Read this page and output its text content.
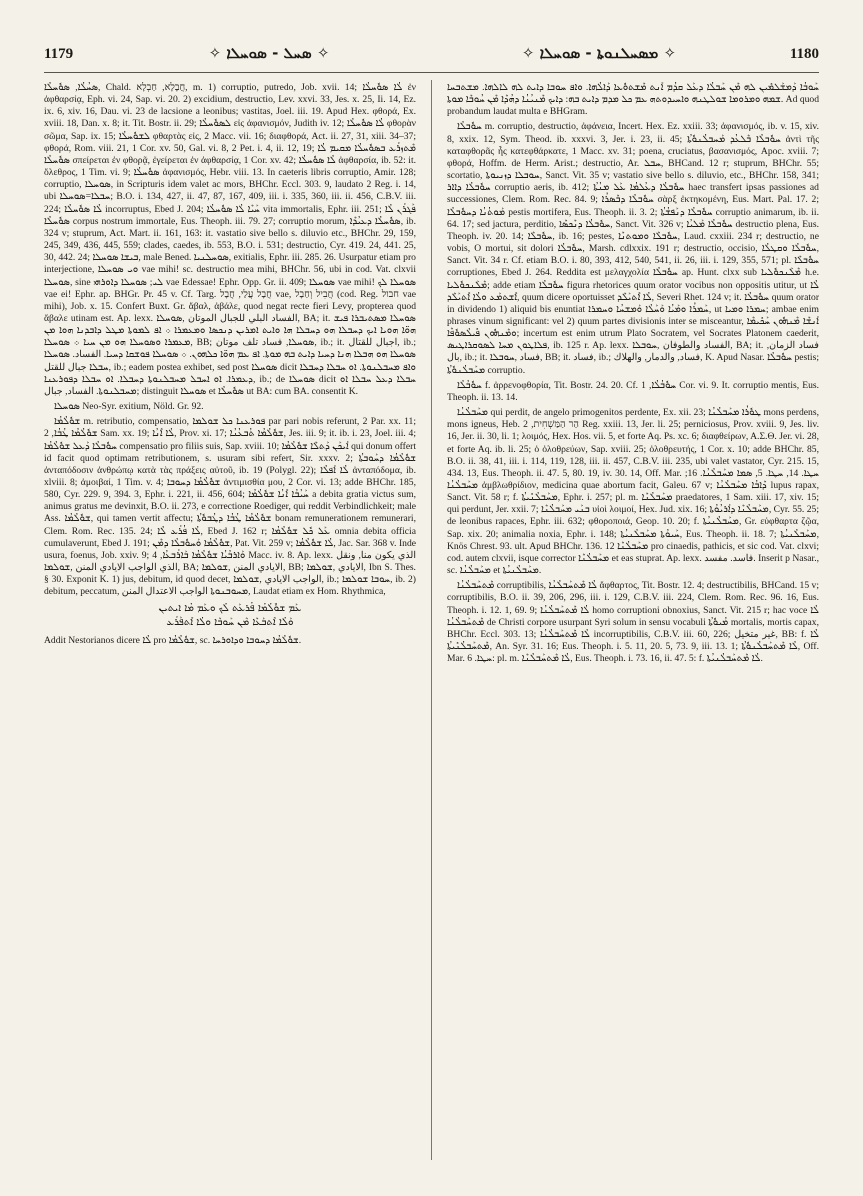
1179	✧ ܣܚܠ - ܣܘܚܠܐ ✧	✧ ܡܣܚܠܢܘܬܐ - ܣܘܚܠܐ ✧	1180

ܣܚܳܠܳܐ, ܣܘܽܚܠܳܐ, Chald. חֲבָלָא, חַבְלָא, m. 1) corruptio, putredo, Job. xvii. 14; ܠܳܐ ܣܘܽܚܠܳܐ ἐν ἀφθαρσίᾳ, Eph. vi. 24, Sap. vi. 20. 2) excidium, destructio, Lev. xxvi. 33, Jes. x. 25, Ii. 14, Ez. ix. 6, xiv. 16, Dau. vi. 23 de lacsione a leonibus; vastitas, Joel. iii. 19. Apud Hex. φθορά, Ex. xviii. 18, Dan. x. 8; it. Tit. Bostr. ii. 29; ܠܣܘܽܚܠܳܐ εἰς ἀφανισμόν, Judith iv. 12; ܠܳܐ ܣܘܽܚܠܳܐ φθορὰν σῶμα, Sap. ix. 15; ܠܫܘܽܚܠܳܐ φθαρτὰς εἰς, 2 Macc. vii. 16; διαφθορά, Act. ii. 27, 31, xiii. 34–37; φθορά, Rom. viii. 21, 1 Cor. xv. 50, Gal. vi. 8, 2 Pet. i. 4, ii. 12, 19; ܡܶܬܙܪܰܥ ܒܣܘܽܚܠܳܐ ܡܩܝܡ ܠܳܐ ܣܘܽܚܠܳܐ σπείρεται ἐν φθορᾷ, ἐγείρεται ἐν ἀφθαρσίᾳ, 1 Cor. xv. 42; ܠܳܐ ܣܘܽܚܠܳܐ ἀφθαρσία, ib. 52: it. ὄλεθρος, 1 Tim. vi. 9; ܣܘܽܚܠܳܐ ἀφανισμός, Hebr. viii. 13. In caeteris libris corruptio, Amir. 128; corruptio, ܣܘܚܠܐ, in Scripturis idem valet ac mors, BHChr. Eccl. 303. 9, laudato 2 Reg. i. 14, ubi ܚܒܠܐ=ܣܘܚܠܐ; B.O. i. 134, 427, ii. 47, 87, 167, 409, iii. i. 335, 360, iii. ii. 456, C.B.V. iii. 224; ܠܳܐ ܣܘܽܚܠܳܐ incorruptus, Ebed J. 204; ܚܰܝܶܐ ܠܳܐ ܣܘܽܚܠܳܐ vita immortalis, Ephr. iii. 251; ܦܰܓܪܰܢ ܠܳܐ ܣܘܽܚܠܳܐ corpus nostrum immortale, Eus. Theoph. iii. 79. 27; corruptio morum, ܣܘܽܚܠܳܐ ܕܥܝܳܕܶܐ, ib. 324 v; stuprum, Act. Mart. ii. 161, 163: it. vastatio sive bello s. diluvio etc., BHChr. 29, 159, 245, 349, 436, 445, 559; clades, caedes, ib. 553, B.O. i. 531; destructio, Cyr. 419. 24, 441. 25, 30, 442. 24; ܒܝܫܐ ܣܘܚܠܐ, male Bened. ܣܘܚܠܢܝܐ, exitialis, Ephr. iii. 285. 26. Usurpatur etiam pro interjectione, ܘܝ ܣܘܚܠܐ vae mihi! sc. destructio mea mihi, BHChr. 56, ubi in cod. Vat. clxvii ܣܘܚܠܐ, sine ܠܝ; ܣܘܚܠܐ ܕܐܘܪܗܝ vae Edessae! Ephr. Opp. Gr. ii. 409; ܣܘܚܠܐ vae mihi! ܣܘܚܠܐ ܠܟ vae ei! Ephr. ap. BHGr. Pr. 45 v. Cf. Targ. חֲבָל עֲלַי, חֲבָל vae, חֲבִיל וְחַבָל (cod. Reg. חבול vae mihi), Job. x. 15. Confert Buxt. Gr. ἄβαλ, ἀβάλε, quod negat recte fieri Levy, propterea quod ἄβαλε utinam est. Ap. lexx. الفساد البلي للجبال الموتان ,ܣܘܚܠܐ, BA; it. ܣܘܚܠܐ ܡܣܬܝܒܪܐ ܦܝܫ ܗܘ̈ܐ ܗܘܝܐ ܐܝܟ ܕܚܒܠܐ ܗܘ ܕܚܒܠܐ ܗܐ ܘܐܝܬ ܐܡܪܝܢ ܕܢܟܣܐ ܘܡܥܡܪܐ ܀ ܐܦ ܠܡܘܬܐ ܡܛܠ ܕܐܒܕܢܐ ܗܘܐ ܡܢ ܡܥܡܪܐ ܘܣܘܚܠܐ ܗܘ ܡܢ ܚܝܐ ܀ ܣܘܚܠܐ, BB; ܣܘܚܠܐ, فساد تلف موتان, ib.; it. اجبال للقتال, ib.; ܣܘܚܠܐ ܗܘ ܗܒܠܐ ܗܢܐ ܕܚܝܐ ܕܐܝܬ ܒܗ ܡܘܬܐ. ܐܦ ܥܡ ܗܘ̈ܐ ܟܠܗܘܢ. ܀ ܣܘܚܠܐ ܦܘܫܩܐ ܕܚܝܐ. الفساد. ܣܘܚܠܐ ܚܒܠܐ جبال للقتل, ib.; eadem postea exhibet, sed post ܣܘܚܠܐ dicit ܘܐܦ ܡܚܒܠܢܘܬܐ. ܐܘ ܚܒܠܐ ܕܚܒܠܐ ܕܥܡܪܐ. ܐܘ ܐܚܒܠ ܡܚܒܠܢܘܬܐ ܕܚܒܠܐ. ܐܘ ܚܒܠܐ ܕܦܘܪܥܢܐ, ib.; de ܣܘܚܠܐ dicit ܚܒܠܐ ܕܥܠ ܚܒܠܐ ܐܘ ܡܚܒܠܢܘܬܐ. الفساد, جبال; distinguit ܣܘܚܠܐ et ܣܘܽܚܠܳܐ ut BA: cum BA. consentit K.

ܣܘܚܠܐ Neo-Syr. exitium, Nöld. Gr. 92.

ܫܘܽܠܳܡܳܐ m. retributio, compensatio, ܦܘܪܥܢܐ ܟܠ ܫܘܠܡܐ par pari nobis referunt, 2 Par. xx. 11; ܫܘܽܠܳܡܳܐ ܛܳܒܳܐ, 2 Sam. xx. 19; ܠܳܐ ܐܶܢܳܐ, Prov. xi. 17; ܫܘܽܠܳܡܳܐ ܬܳܒܥܳܢܳܐ, Jes. iii. 9; it. ib. i. 23, Joel. iii. 4; ܚܘܽܒܠܳܐ ܕܰܥܠ ܫܘܽܠܳܡܳܐ compensatio pro filiis suis, Sap. xviii. 10; ܐܰܝܟܰܢ ܕܰܬܠܶܐ ܫܘܽܠܳܡܳܐ qui donum offert id facit quod optimam retributionem, s. usuram sibi refert, Sir. xxxv. 2; ܫܘܽܠܳܡܳܐ ܕܚܰܘܒܬܳܐ ἀνταπόδοσιν ἀνθρώπῳ κατὰ τὰς πράξεις αὐτοῦ, ib. 19 (Polygl. 22); ܠܳܐ ܐܰܦܠܳܐ ἀνταπόδομα, ib. xlviii. 8; ἀμοιβαί, 1 Tim. v. 4; ܫܘܽܠܳܡܳܐ ܕܚܘܒܐ ἀντιμισθία μου, 2 Cor. vi. 13; adde BHChr. 185, 580, Cyr. 229. 9, 394. 3, Ephr. i. 221, ii. 456, 604; ܚܰܝܳܒܳܐ ܐܶܢܳܐ ܫܘܽܠܳܡܳܐ a debita gratia victus sum, animus gratus me devinxit, B.O. ii. 273, e correctione Roediger, qui reddit Verbindlichkeit; male Ass. ܫܘܽܠܳܡܳܐ, qui tamen vertit affectu; ܫܘܽܠܳܡܳܐ ܛܳܒܳܐ ܕܛܳܒܘܽܬܳܐ bonam remunerationem remunerari, Clem. Rom. Rec. 135. 24; ܠܳܐ ܦܳܪܰܥ ܠܳܐ, Ebed J. 162 r; ܥܰܠ ܟܽܠ ܫܘܽܠܳܡܳܐ omnia debita officia cumulaverunt, Ebed J. 191; ܫܘܽܠܳܡܳܐ ܘܰܚܘܽܒܠܳܐ ܕܡܶܢ, Pat. Vit. 259 v; ܠܳܐ ܫܘܽܠܳܡܳܐ, Jac. Sar. 368 v. Inde usura, foenus, Job. xxiv. 9; ܘܰܐܪܒܳܝܳܐ ܫܘܽܠܳܡܳܐ ܒܰܐܪܰܒܥܳܐ, 4 Macc. iv. 8. Ap. lexx. الذي يكون منا, ونقل الذي الواجب الايادي المنن ,ܫܘܠܡܐ, BA; الايادي المنن ,ܫܘܠܡܐ, BB; الايادي ,ܫܘܠܡܐ, Ibn S. Thes. § 30. Exponit K. 1) jus, debitum, id quod decet, الواجب الايادي ,ܫܘܠܡܐ, ib.; ܚܘܒܐ ܫܘܠܡܐ, ib. 2) debitum, peccatum, ܡܚܘܒܢܘܬܐ الواجب الاعتدال المنن, Laudat etiam ex Hom. Rhythmica,

ܥܰܡ ܫܘܽܠܳܡܳܐ ܦܳܪܥܰܬ ܠܳܟ ܘܥܰܡ ܡܳܐ ܐܝܬܝܢ
ܘܰܠܳܐ ܐܶܬܒܰܥܶܐ ܡܶܢ ܚܰܘܒܶܐ ܘܠܳܐ ܐܶܬܦܰܪܰܥ

Addit Nestorianos dicere ܠܳܐ pro ܫܘܽܠܳܡܳܐ, sc. ܫܘܽܠܳܡܳܐ ܕܚܘܒܐ ܘܕܐܘܪܚܐ.

ܚܰܘܒܳܐ ܕܰܡܫܰܠܡܺܝܢ ܠܗ ܡܶܢ ܚܰܒܠܳܐ ܕܥܰܠ ܩܕܳܡ ܐܰܢܬ ܡܶܫܬܘܽܥܐ ܕܰܐܠܳܗܐ. ܘܐܦ ܚܘܒܐ ܕܐܝܬ ܠܗ ܠܐܠܗܐ. ܡܫܬܒܚܐ ܫܡܗ ܘܡܪܘܡܐ ܫܘܠܛܢܗ ܘܐܚܝܕܘܬܗ ܥܡ ܟܠ ܡܕܡ ܕܐܝܬ ܒܗ: ܕܐܝܟ ܡܶܢܝܳܢܳܐ ܕܗܳܕܶܐ ܡܶܢ ܚܳܘܒܶܐ ܡܘܬܐ. Ad quod probandum laudat multa e BHGram.

ܚܘܽܒܠܳܐ m. corruptio, destructio, ἀφάνεια, Incert. Hex. Ez. xxiii. 33; ἀφανισμός, ib. v. 15, xiv. 8, xxix. 12, Sym. Theod. ib. xxxvi. 3, Jer. i. 23, ii. 45; ܚܘܽܒܠܳܐ ܒܶܠܥܳܕ ܡܰܚܒܠܳܢܘܽܬܳܐ ἀντὶ τῆς καταφθορᾶς ἧς κατεφθάρκατε, 1 Macc. xv. 31; poena, cruciatus, βασανισμός, Apoc. xviii. 7; φθορά, Hoffm. de Herm. Arist.; destructio, Ar. ܚܒܠ, BHCand. 12 r; stuprum, BHChr. 55; scortatio, ܚܘܒܠܐ ܕܙܢܝܘܬܐ, Sanct. Vit. 35 v; vastatio sive bello s. diluvio, etc., BHChr. 158, 341; ܚܘܽܒܠܳܐ ܕܐܐܪ corruptio aeris, ib. 412; ܚܘܽܒܠܳܐ ܕܥܳܠܡܳܐ ܥܰܠ ܡܢܳܬܳܐ haec transfert ipsas passiones ad successiones, Clem. Rom. Rec. 84. 9; ܚܘܽܒܠܳܐ ܕܒܶܣܪܳܐ σὰρξ ἐκτηκομένη, Eus. Mart. Pal. 17. 2; ܡܰܘܬܳܢܳܐ ܕܚܘܽܒܠܳܐ pestis mortifera, Eus. Theoph. ii. 3. 2; ܚܘܽܒܠܳܐ ܕܢܰܦܫܳܬܳܐ corruptio animarum, ib. ii. 64. 17; sed jactura, perditio, ܚܘܽܒܠܳܐ ܕܢܶܟܣܶܐ, Sanct. Vit. 326 v; ܚܘܽܒܠܳܐ ܡܰܠܝܳܐ destructio plena, Eus. Theoph. iv. 20. 14; ܚܘܽܒܠܶܐ, ib. 16; pestes, ܚܘܽܒܠܶܐ ܘܡܘܬܢܶܐ, Laud. cxxiii. 234 r; destructio, ne vobis, O mortui, sit dolori ܚܘܽܒܠܳܐ, Marsh. cdlxxix. 191 r; destructio, occisio, ܚܘܽܒܠܳܐ ܘܩܛܠܳܐ, Sanct. Vit. 34 r. Cf. etiam B.O. i. 80, 393, 412, 540, 541, ii. 26, iii. i. 129, 355, 571; pl. ܚܘܽܒܠܶܐ corruptiones, Ebed J. 264. Reddita est μελαγχολία ܚܘܽܒܠܳܐ ap. Hunt. clxx sub ܡܶܠܰܢܟܘܽܠܝܐ h.e. ܡܶܠܰܢܟܘܽܠܝܐ; adde etiam ܚܘܽܒܠܳܐ figura rhetorices quum orator vocibus non oppositis utitur, ut ܠܳܐ ܐܶܫܬܡܰܥ ܘܠܳܐ ܐܶܬܝܰܠܶܕ, quum dicere oportuisset ܠܳܐ ܐܶܬܝܰܠܶܕ, Severi Rhet. 124 v; it. ܚܘܽܒܠܳܐ quum orator in dividendo 1) aliquid bis enuntiat ܚܰܡܪܳܐ ܘܡܰܝܳܐ ܘܰܚܰܠܳܐ ܘܰܡܫܚܳܐ ܘܚܡܪܐ, ut ܚܡܪܐ ܘܡܝܐ; ambae enim phrases vinum significant: vel 2) quum partes divisionis inter se misceantur, ܐܰܢܫܶܐ ܡܶܢܗܽܘܢ ܚܰܟܺܝܡܶܐ ܘܡܶܢܗܽܘܢ ܦܺܝܠܳܣܘܽܦܶܐ; incertum est enim utrum Plato Socratem, vel Socrates Platonem caederit, ܦܠܐܛܘܢ ܡܚܐ ܠܣܘܩܪܐܛܝܣ, ib. 125 r. Ap. lexx. الفساد والطوفان ,ܚܘܒܠܐ, BA; it. فساد الزمان, بال, ib.; it. فساد ,ܚܘܒܠܐ, BB; it. فساد, ib.; فساد, والدمار, والهلاك, K. Apud Nasar. ܚܘܽܒܠܳܐ pestis; ܡܚܰܒܠܳܢܘܽܬܳܐ corruptio.

ܚܘܽܒܳܠܳܐ f. ἀρρενοφθορία, Tit. Bostr. 24. 20. Cf. ܚܘܽܒܳܠܳܐ, 1 Cor. vi. 9. It. corruptio mentis, Eus. Theoph. ii. 13. 14.

ܡܚܰܒܠܳܢܳܐ qui perdit, de angelo primogenitos perdente, Ex. xii. 23; ܛܘܽܪܳܐ ܡܚܰܒܠܳܢܳܐ mons perdens, mons igneus, Heb. הַר הַמַּשְׁחִית, 2 Reg. xxiii. 13, Jer. li. 25; perniciosus, Prov. xviii. 9, Jes. liv. 16, Jer. ii. 30, li. 1; λοιμός, Hex. Hos. vii. 5, et forte Aq. Ps. xc. 6; διαφθείρων, Α.Σ.Θ. Jer. vi. 28, et forte Aq. ib. li. 25; ὁ ὀλοθρεύων, Sap. xviii. 25; ὀλοθρευτής, 1 Cor. x. 10; adde BHChr. 85, B.O. ii. 38, 41, iii. i. 114, 119, 128, iii. ii. 457, C.B.V. iii. 235, ubi valet vastator, Cyr. 215. 15, 434. 13, Eus. Theoph. ii. 47. 5, 80. 19, iv. 30. 14, Off. Mar. ܚܛܐ. 14, ܚܛܐ. 5, ܣܡܐ ܡܚܰܒܠܳܢܳܐ. 16; ܡܚܰܒܠܳܢܳܐ ἀμβλωθρίδιον, medicina quae abortum facit, Galeu. 67 v; ܕܶܐܒܳܐ ܡܚܰܒܠܳܢܳܐ lupus rapax, Sanct. Vit. 58 r; f. ܡܚܰܒܠܳܢܺܝܬܳܐ, Ephr. i. 257; pl. m. ܡܚܰܒܠܳܢܶܐ praedatores, 1 Sam. xiii. 17, xiv. 15; qui perdunt, Jer. xxii. 7; ܒܢܰܝ ܡܚܰܒܠܳܢܶܐ υἱοὶ λοιμοί, Hex. Jud. xix. 16; ܡܚܰܒܠܳܢܶܐ ܕܐܰܪܝܳܘܳܬܐ, Cyr. 55. 25; de leonibus rapaces, Ephr. iii. 632; φθοροποιά, Geop. 10. 20; f. ܡܚܰܒܠܳܢܝܳܬܐ, Gr. εὐφθαρτα ζῷα, Sap. xix. 20; animalia noxia, Ephr. i. 148; ܚܰܝܘܳܬܐ ܡܚܰܒܠܳܢܝܳܬܐ, Eus. Theoph. ii. 18. 7; ܡܚܰܒܠܳܢܝܳܬܐ, Knös Chrest. 93. ult. Apud BHChr. 136. 12 ܡܚܰܒܠܳܢܶܐ pro cinaedis, pathicis, et sic cod. Vat. clxvi; cod. autem clxvii, isque corrector ܡܚܰܒܠܳܢܶܐ et eas stuprat. Ap. lexx. فاسد. مفسد. Inserit p Nasar., sc. ܡܚܰܒܠܳܢܳܐ et ܡܚܰܒܠܳܢܝܳܬܐ.

ܡܶܬܚܰܒܠܳܢܳܐ corruptibilis, ܠܳܐ ܡܶܬܚܰܒܠܳܢܳܐ ἄφθαρτος, Tit. Bostr. 12. 4; destructibilis, BHCand. 15 v; corruptibilis, B.O. ii. 39, 206, 296, iii. i. 129, C.B.V. iii. 224, Clem. Rom. Rec. 96. 16, Eus. Theoph. i. 12. 1, 69. 9; ܠܳܐ ܡܶܬܚܰܒܠܳܢܳܐ homo corruptioni obnoxius, Sanct. Vit. 215 r; hac voce ܠܳܐ ܡܶܬܚܰܒܠܳܢܳܐ de Christi corpore usurpant Syri solum in sensu vocabuli ܡܳܝܘܽܬܳܐ mortalis, mortis capax, BHChr. Eccl. 303. 13; ܠܳܐ ܡܶܬܚܰܒܠܳܢܳܐ incorruptibilis, C.B.V. iii. 60, 226; غير متخيل, BB: f. ܠܳܐ ܡܶܬܚܰܒܠܳܢܺܝܬܳܐ, An. Syr. 31. 16; Eus. Theoph. i. 5. 11, 20. 5, 73. 9, iii. 13. 1; ܠܳܐ ܡܶܬܚܰܒܠܳܢܘܽܬܳܐ, Off. Mar. ܚܛܐ. 6: pl. m. ܠܳܐ ܡܶܬܚܰܒܠܳܢܶܐ, Eus. Theoph. i. 73. 16, ii. 47. 5: f. ܠܳܐ ܡܶܬܚܰܒܠܳܢܝܳܬܐ.
